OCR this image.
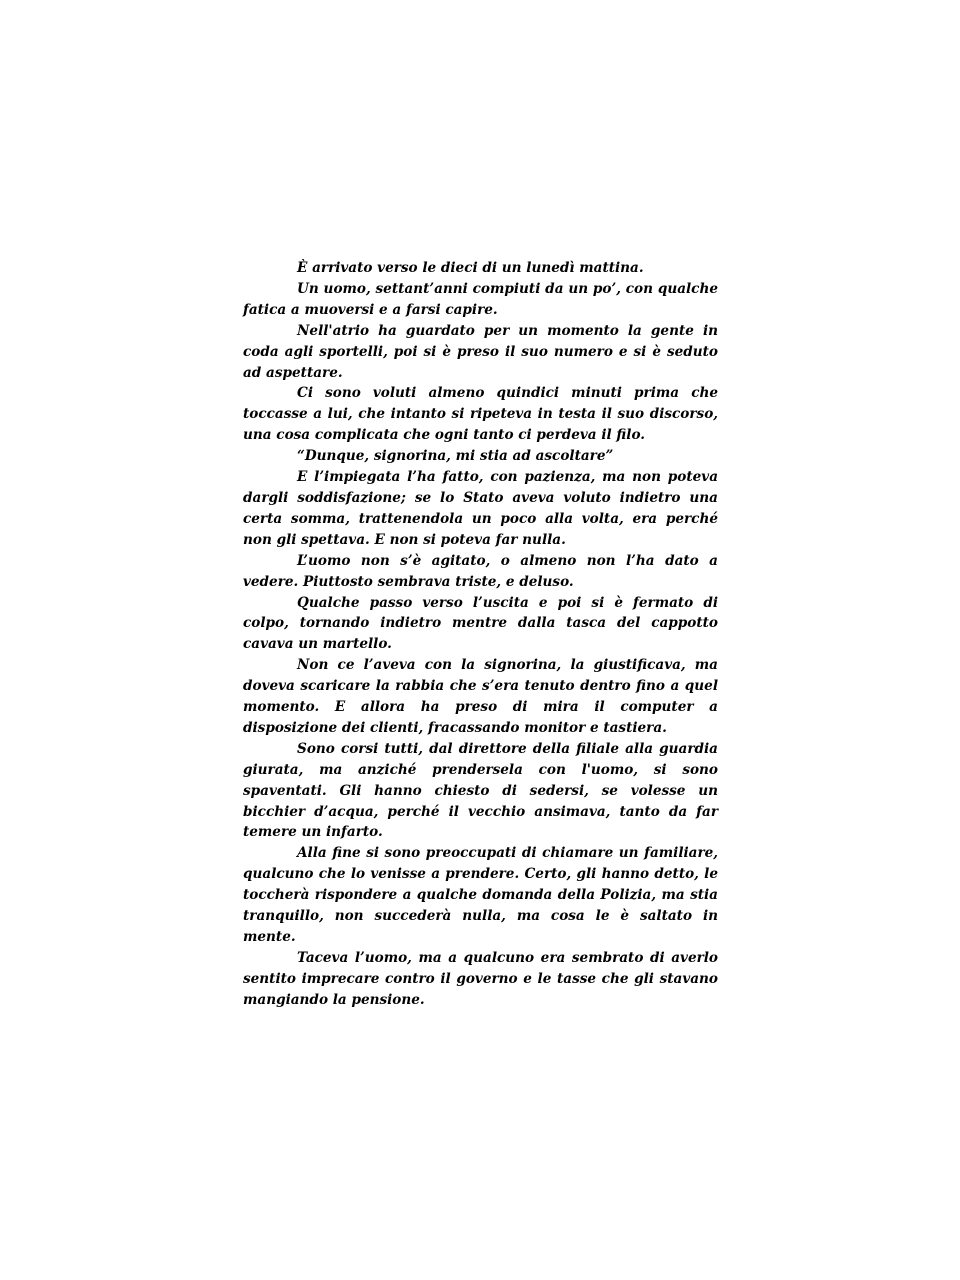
È arrivato verso le dieci di un lunedì mattina.

Un uomo, settant’anni compiuti da un po’, con qualche fatica a muoversi e a farsi capire.

Nell'atrio ha guardato per un momento la gente in coda agli sportelli, poi si è preso il suo numero e si è seduto ad aspettare.

Ci sono voluti almeno quindici minuti prima che toccasse a lui, che intanto si ripeteva in testa il suo discorso, una cosa complicata che ogni tanto ci perdeva il filo.

“Dunque, signorina, mi stia ad ascoltare”

E l’impiegata l’ha fatto, con pazienza, ma non poteva dargli soddisfazione; se lo Stato aveva voluto indietro una certa somma, trattenendola un poco alla volta, era perché non gli spettava. E non si poteva far nulla.

L’uomo non s’è agitato, o almeno non l’ha dato a vedere. Piuttosto sembrava triste, e deluso.

Qualche passo verso l’uscita e poi si è fermato di colpo, tornando indietro mentre dalla tasca del cappotto cavava un martello.

Non ce l’aveva con la signorina, la giustificava, ma doveva scaricare la rabbia che s’era tenuto dentro fino a quel momento. E allora ha preso di mira il computer a disposizione dei clienti, fracassando monitor e tastiera.

Sono corsi tutti, dal direttore della filiale alla guardia giurata, ma anziché prendersela con l'uomo, si sono spaventati. Gli hanno chiesto di sedersi, se volesse un bicchier d’acqua, perché il vecchio ansimava, tanto da far temere un infarto.

Alla fine si sono preoccupati di chiamare un familiare, qualcuno che lo venisse a prendere. Certo, gli hanno detto, le toccherà rispondere a qualche domanda della Polizia, ma stia tranquillo, non succederà nulla, ma cosa le è saltato in mente.

Taceva l’uomo, ma a qualcuno era sembrato di averlo sentito imprecare contro il governo e le tasse che gli stavano mangiando la pensione.
